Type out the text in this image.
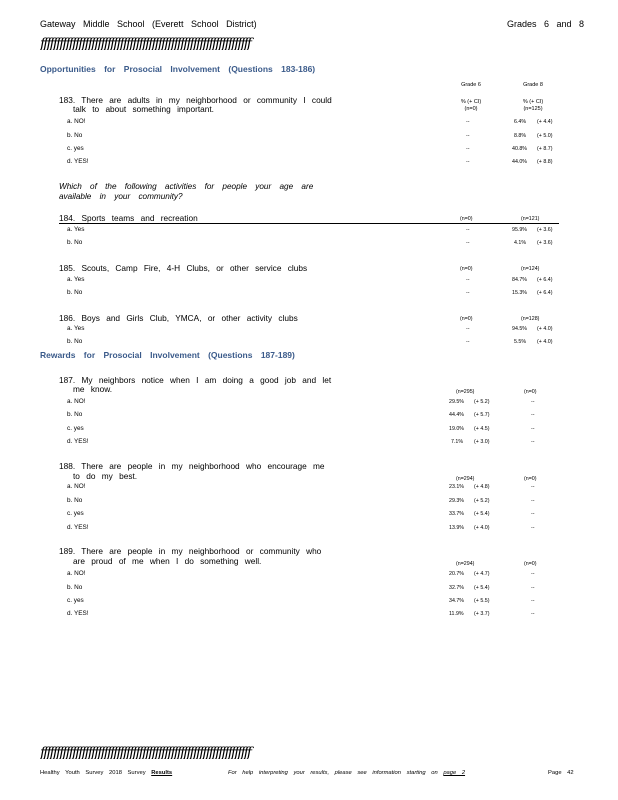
Gateway Middle School (Everett School District)	Grades 6 and 8
ƒƒƒƒƒƒƒƒƒƒƒƒƒƒƒƒƒƒƒƒƒƒƒƒƒƒƒƒƒƒƒƒƒƒƒƒƒƒƒƒƒƒƒƒƒƒƒƒƒƒƒƒƒƒƒƒƒƒƒƒƒƒƒƒƒƒ
Opportunities for Prosocial Involvement (Questions 183-186)
Grade 6	Grade 8
% (+ CI)	% (+ CI)
(n=0)	(n=125)
183. There are adults in my neighborhood or community I could
talk to about something important.
a. NO!	--	6.4% (+ 4.4)
b. No	--	8.8% (+ 5.0)
c. yes	--	40.8% (+ 8.7)
d. YES!	--	44.0% (+ 8.8)
Which of the following activities for people your age are
available in your community?
184. Sports teams and recreation	(n=0)	(n=121)
a. Yes	--	95.9% (+ 3.6)
b. No	--	4.1% (+ 3.6)
185. Scouts, Camp Fire, 4-H Clubs, or other service clubs	(n=0)	(n=124)
a. Yes	--	84.7% (+ 6.4)
b. No	--	15.3% (+ 6.4)
186. Boys and Girls Club, YMCA, or other activity clubs	(n=0)	(n=128)
a. Yes	--	94.5% (+ 4.0)
b. No	--	5.5% (+ 4.0)
Rewards for Prosocial Involvement (Questions 187-189)
187. My neighbors notice when I am doing a good job and let
me know.	(n=295)	(n=0)
a. NO!	29.5% (+ 5.2)	--
b. No	44.4% (+ 5.7)	--
c. yes	19.0% (+ 4.5)	--
d. YES!	7.1% (+ 3.0)	--
188. There are people in my neighborhood who encourage me
to do my best.	(n=294)	(n=0)
a. NO!	23.1% (+ 4.8)	--
b. No	29.3% (+ 5.2)	--
c. yes	33.7% (+ 5.4)	--
d. YES!	13.9% (+ 4.0)	--
189. There are people in my neighborhood or community who
are proud of me when I do something well.	(n=294)	(n=0)
a. NO!	20.7% (+ 4.7)	--
b. No	32.7% (+ 5.4)	--
c. yes	34.7% (+ 5.5)	--
d. YES!	11.9% (+ 3.7)	--
ƒƒƒƒƒƒƒƒƒƒƒƒƒƒƒƒƒƒƒƒƒƒƒƒƒƒƒƒƒƒƒƒƒƒƒƒƒƒƒƒƒƒƒƒƒƒƒƒƒƒƒƒƒƒƒƒƒƒƒƒƒƒƒƒƒƒ
Healthy Youth Survey 2018 Survey Results	For help interpreting your results, please see information starting on page 2	Page 42
